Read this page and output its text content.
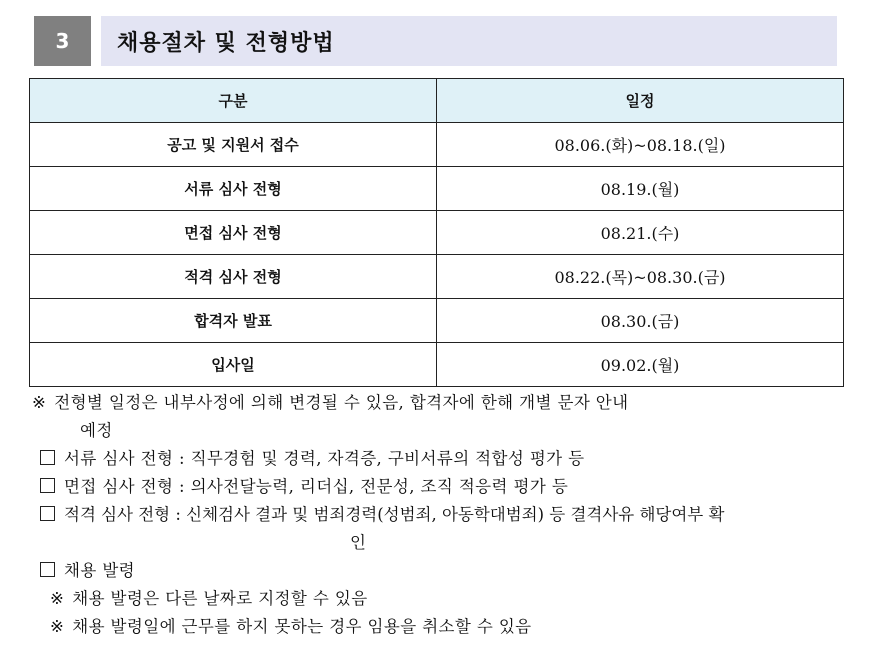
3	채용절차 및 전형방법
구분	일정
공고 및 지원서 접수	08.06.(화)~08.18.(일)
서류 심사 전형	08.19.(월)
면접 심사 전형	08.21.(수)
적격 심사 전형	08.22.(목)~08.30.(금)
합격자 발표	08.30.(금)
입사일	09.02.(월)
※ 전형별 일정은 내부사정에 의해 변경될 수 있음, 합격자에 한해 개별 문자 안내
예정
서류 심사 전형 : 직무경험 및 경력, 자격증, 구비서류의 적합성 평가 등
면접 심사 전형 : 의사전달능력, 리더십, 전문성, 조직 적응력 평가 등
적격 심사 전형 : 신체검사 결과 및 범죄경력(성범죄, 아동학대범죄) 등 결격사유 해당여부 확
인
채용 발령
※ 채용 발령은 다른 날짜로 지정할 수 있음
※ 채용 발령일에 근무를 하지 못하는 경우 임용을 취소할 수 있음
